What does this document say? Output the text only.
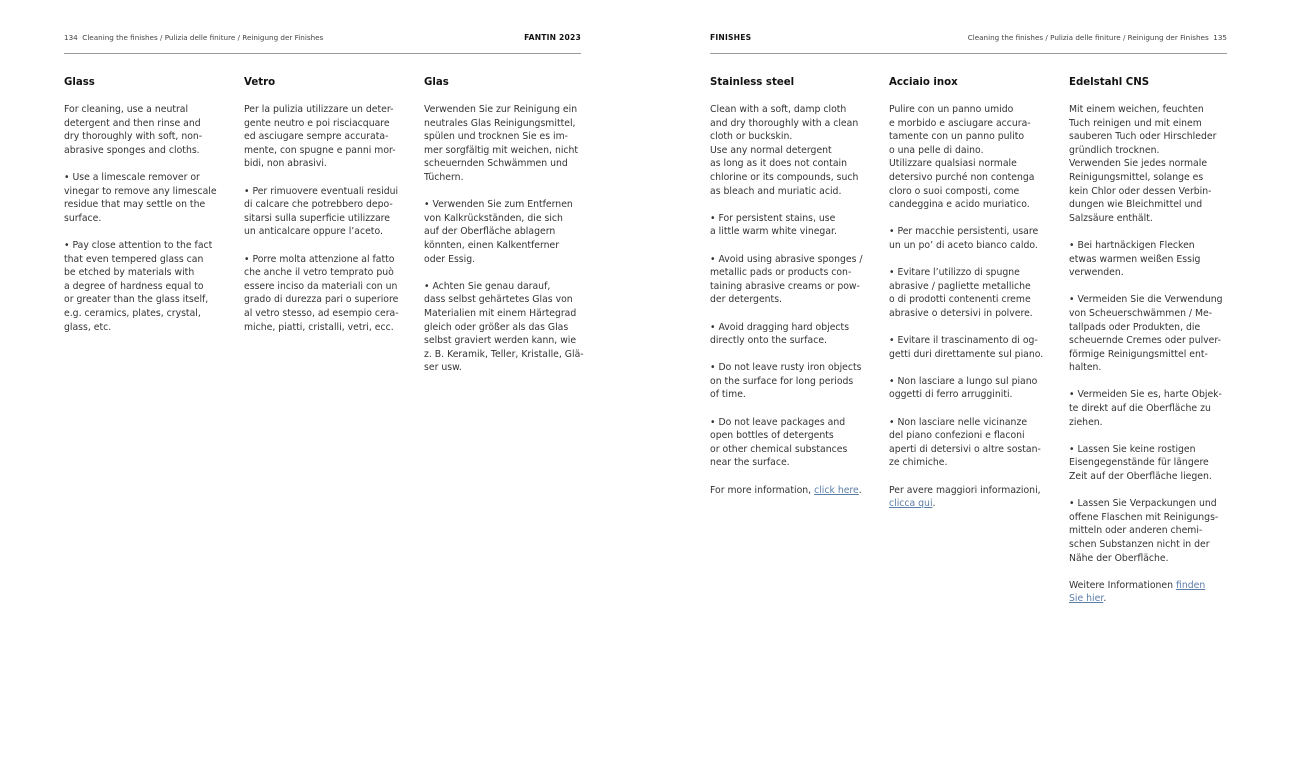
134 Cleaning the finishes / Pulizia delle finiture / Reinigung der Finishes	FANTIN 2023
Glass

For cleaning, use a neutral
detergent and then rinse and
dry thoroughly with soft, non-
abrasive sponges and cloths.

• Use a limescale remover or
vinegar to remove any limescale
residue that may settle on the
surface.

• Pay close attention to the fact
that even tempered glass can
be etched by materials with
a degree of hardness equal to
or greater than the glass itself,
e.g. ceramics, plates, crystal,
glass, etc.

Vetro

Per la pulizia utilizzare un deter-
gente neutro e poi risciacquare
ed asciugare sempre accurata-
mente, con spugne e panni mor-
bidi, non abrasivi.

• Per rimuovere eventuali residui
di calcare che potrebbero depo-
sitarsi sulla superficie utilizzare
un anticalcare oppure l’aceto.

• Porre molta attenzione al fatto
che anche il vetro temprato può
essere inciso da materiali con un
grado di durezza pari o superiore
al vetro stesso, ad esempio cera-
miche, piatti, cristalli, vetri, ecc.

Glas

Verwenden Sie zur Reinigung ein
neutrales Glas Reinigungsmittel,
spülen und trocknen Sie es im-
mer sorgfältig mit weichen, nicht
scheuernden Schwämmen und
Tüchern.

• Verwenden Sie zum Entfernen
von Kalkrückständen, die sich
auf der Oberfläche ablagern
könnten, einen Kalkentferner
oder Essig.

• Achten Sie genau darauf,
dass selbst gehärtetes Glas von
Materialien mit einem Härtegrad
gleich oder größer als das Glas
selbst graviert werden kann, wie
z. B. Keramik, Teller, Kristalle, Glä-
ser usw.

FINISHES	Cleaning the finishes / Pulizia delle finiture / Reinigung der Finishes 135
Stainless steel

Clean with a soft, damp cloth
and dry thoroughly with a clean
cloth or buckskin.
Use any normal detergent
as long as it does not contain
chlorine or its compounds, such
as bleach and muriatic acid.

• For persistent stains, use
a little warm white vinegar.

• Avoid using abrasive sponges /
metallic pads or products con-
taining abrasive creams or pow-
der detergents.

• Avoid dragging hard objects
directly onto the surface.

• Do not leave rusty iron objects
on the surface for long periods
of time.

• Do not leave packages and
open bottles of detergents
or other chemical substances
near the surface.

For more information, click here.

Acciaio inox

Pulire con un panno umido
e morbido e asciugare accura-
tamente con un panno pulito
o una pelle di daino.
Utilizzare qualsiasi normale
detersivo purché non contenga
cloro o suoi composti, come
candeggina e acido muriatico.

• Per macchie persistenti, usare
un un po’ di aceto bianco caldo.

• Evitare l’utilizzo di spugne
abrasive / pagliette metalliche
o di prodotti contenenti creme
abrasive o detersivi in polvere.

• Evitare il trascinamento di og-
getti duri direttamente sul piano.

• Non lasciare a lungo sul piano
oggetti di ferro arrugginiti.

• Non lasciare nelle vicinanze
del piano confezioni e flaconi
aperti di detersivi o altre sostan-
ze chimiche.

Per avere maggiori informazioni,
clicca qui.

Edelstahl CNS

Mit einem weichen, feuchten
Tuch reinigen und mit einem
sauberen Tuch oder Hirschleder
gründlich trocknen.
Verwenden Sie jedes normale
Reinigungsmittel, solange es
kein Chlor oder dessen Verbin-
dungen wie Bleichmittel und
Salzsäure enthält.

• Bei hartnäckigen Flecken
etwas warmen weißen Essig
verwenden.

• Vermeiden Sie die Verwendung
von Scheuerschwämmen / Me-
tallpads oder Produkten, die
scheuernde Cremes oder pulver-
förmige Reinigungsmittel ent-
halten.

• Vermeiden Sie es, harte Objek-
te direkt auf die Oberfläche zu
ziehen.

• Lassen Sie keine rostigen
Eisengegenstände für längere
Zeit auf der Oberfläche liegen.

• Lassen Sie Verpackungen und
offene Flaschen mit Reinigungs-
mitteln oder anderen chemi-
schen Substanzen nicht in der
Nähe der Oberfläche.

Weitere Informationen finden
Sie hier.
